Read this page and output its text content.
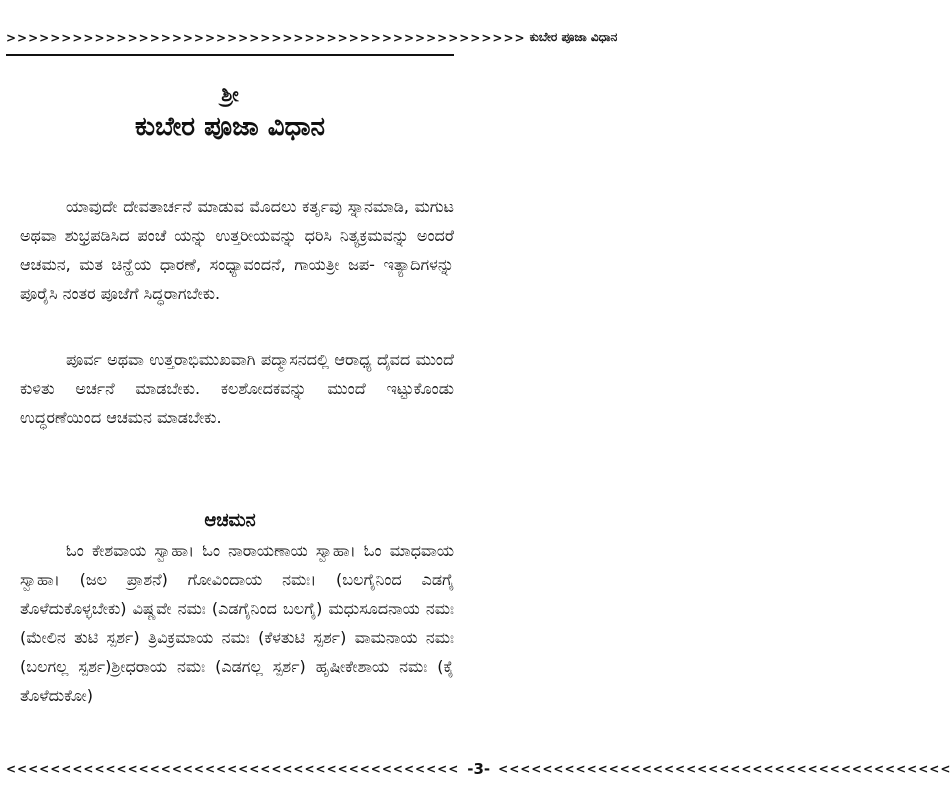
>>>>>>>>>>>>>>>>>>>>>>>>>>>>>>>>>>>>>>>>>>>>>>> ಕುಬೇರ ಪೂಜಾ ವಿಧಾನ
ಶ್ರೀ
ಕುಬೇರ ಪೂಜಾ ವಿಧಾನ

ಯಾವುದೇ ದೇವತಾರ್ಚನೆ ಮಾಡುವ ಮೊದಲು ಕರ್ತೃವು ಸ್ನಾನಮಾಡಿ, ಮಗುಟ ಅಥವಾ ಶುಭ್ರಪಡಿಸಿದ ಪಂಚೆ ಯನ್ನು ಉತ್ತರೀಯವನ್ನು ಧರಿಸಿ ನಿತ್ಯಕ್ರಮವನ್ನು ಅಂದರೆ ಆಚಮನ, ಮತ ಚಿನ್ಹೆಯ ಧಾರಣೆ, ಸಂಧ್ಯಾವಂದನೆ, ಗಾಯತ್ರೀ ಜಪ- ಇತ್ಯಾದಿಗಳನ್ನು ಪೂರೈಸಿ ನಂತರ ಪೂಜೆಗೆ ಸಿದ್ಧರಾಗಬೇಕು.

ಪೂರ್ವ ಅಥವಾ ಉತ್ತರಾಭಿಮುಖವಾಗಿ ಪದ್ಮಾಸನದಲ್ಲಿ ಆರಾಧ್ಯ ದೈವದ ಮುಂದೆ ಕುಳಿತು ಅರ್ಚನೆ ಮಾಡಬೇಕು. ಕಲಶೋದಕವನ್ನು ಮುಂದೆ ಇಟ್ಟುಕೊಂಡು ಉದ್ಧರಣೆಯಿಂದ ಆಚಮನ ಮಾಡಬೇಕು.

ಆಚಮನ

ಓಂ ಕೇಶವಾಯ ಸ್ವಾಹಾ। ಓಂ ನಾರಾಯಣಾಯ ಸ್ವಾಹಾ। ಓಂ ಮಾಧವಾಯ ಸ್ವಾಹಾ। (ಜಲ ಪ್ರಾಶನೆ) ಗೋವಿಂದಾಯ ನಮಃ। (ಬಲಗೈನಿಂದ ಎಡಗೈ ತೊಳೆದುಕೊಳ್ಳಬೇಕು) ವಿಷ್ಣವೇ ನಮಃ (ಎಡಗೈನಿಂದ ಬಲಗೈ) ಮಧುಸೂದನಾಯ ನಮಃ (ಮೇಲಿನ ತುಟಿ ಸ್ಪರ್ಶ) ತ್ರಿವಿಕ್ರಮಾಯ ನಮಃ (ಕೆಳತುಟಿ ಸ್ಪರ್ಶ) ವಾಮನಾಯ ನಮಃ (ಬಲಗಲ್ಲ ಸ್ಪರ್ಶ)ಶ್ರೀಧರಾಯ ನಮಃ (ಎಡಗಲ್ಲ ಸ್ಪರ್ಶ) ಹೃಷೀಕೇಶಾಯ ನಮಃ (ಕೈ ತೊಳೆದುಕೋ)

<<<<<<<<<<<<<<<<<<<<<<<<<<<<<<<<<<<<<<<<< -3- >>>>>>>>>>>>>>>>>>>>>>>>>>>>>>>>>>>>>>>>>
